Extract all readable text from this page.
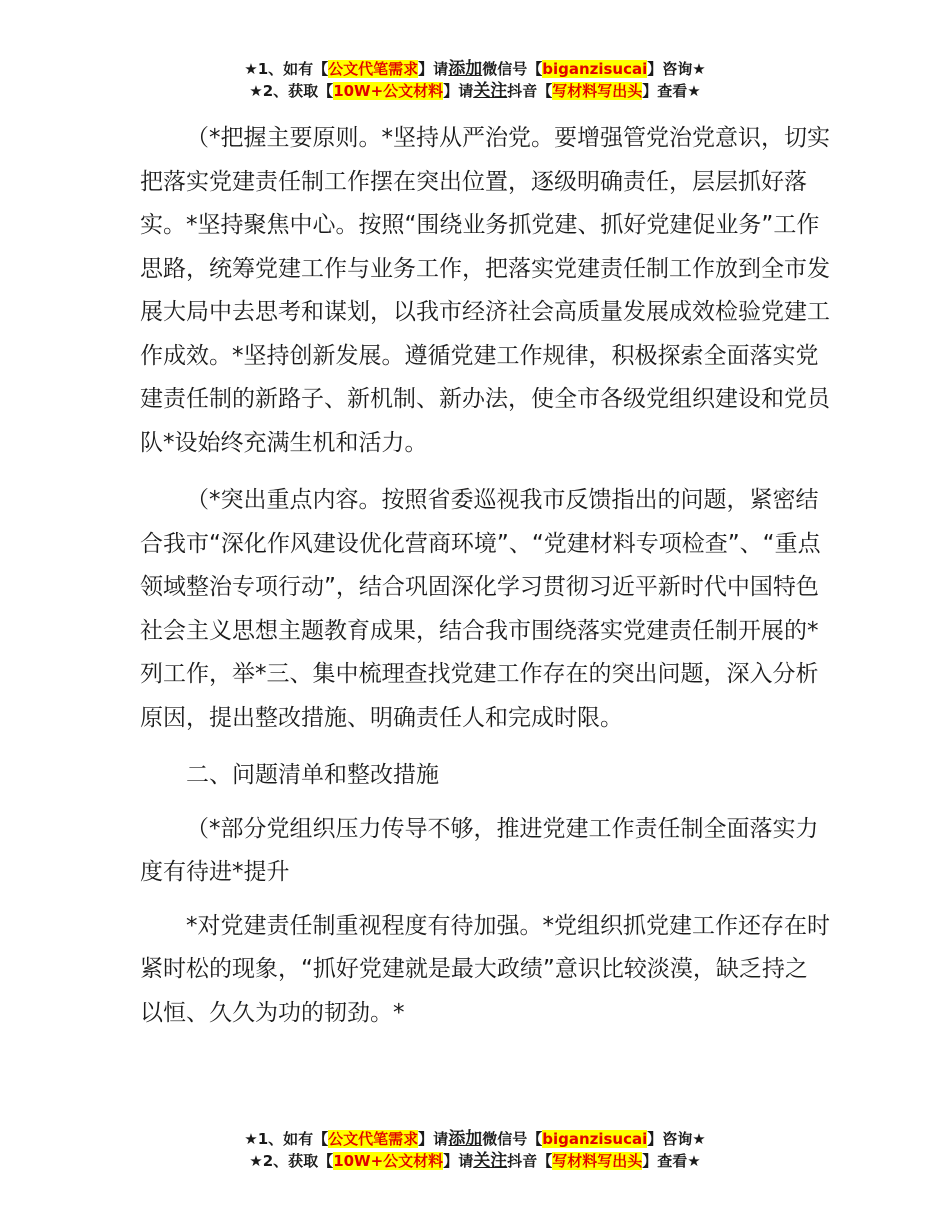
★1、如有【公文代笔需求】请添加微信号【biganzisucai】咨询★
★2、获取【10W+公文材料】请关注抖音【写材料写出头】查看★

（*把握主要原则。*坚持从严治党。要增强管党治党意识，切实把落实党建责任制工作摆在突出位置，逐级明确责任，层层抓好落实。*坚持聚焦中心。按照“围绕业务抓党建、抓好党建促业务”工作思路，统筹党建工作与业务工作，把落实党建责任制工作放到全市发展大局中去思考和谋划，以我市经济社会高质量发展成效检验党建工作成效。*坚持创新发展。遵循党建工作规律，积极探索全面落实党建责任制的新路子、新机制、新办法，使全市各级党组织建设和党员队*设始终充满生机和活力。

（*突出重点内容。按照省委巡视我市反馈指出的问题，紧密结合我市“深化作风建设优化营商环境”、“党建材料专项检查”、“重点领域整治专项行动”，结合巩固深化学习贯彻习近平新时代中国特色社会主义思想主题教育成果，结合我市围绕落实党建责任制开展的*列工作，举*三、集中梳理查找党建工作存在的突出问题，深入分析原因，提出整改措施、明确责任人和完成时限。

二、问题清单和整改措施

（*部分党组织压力传导不够，推进党建工作责任制全面落实力度有待进*提升

*对党建责任制重视程度有待加强。*党组织抓党建工作还存在时紧时松的现象，“抓好党建就是最大政绩”意识比较淡漠，缺乏持之以恒、久久为功的韧劲。*

★1、如有【公文代笔需求】请添加微信号【biganzisucai】咨询★
★2、获取【10W+公文材料】请关注抖音【写材料写出头】查看★
